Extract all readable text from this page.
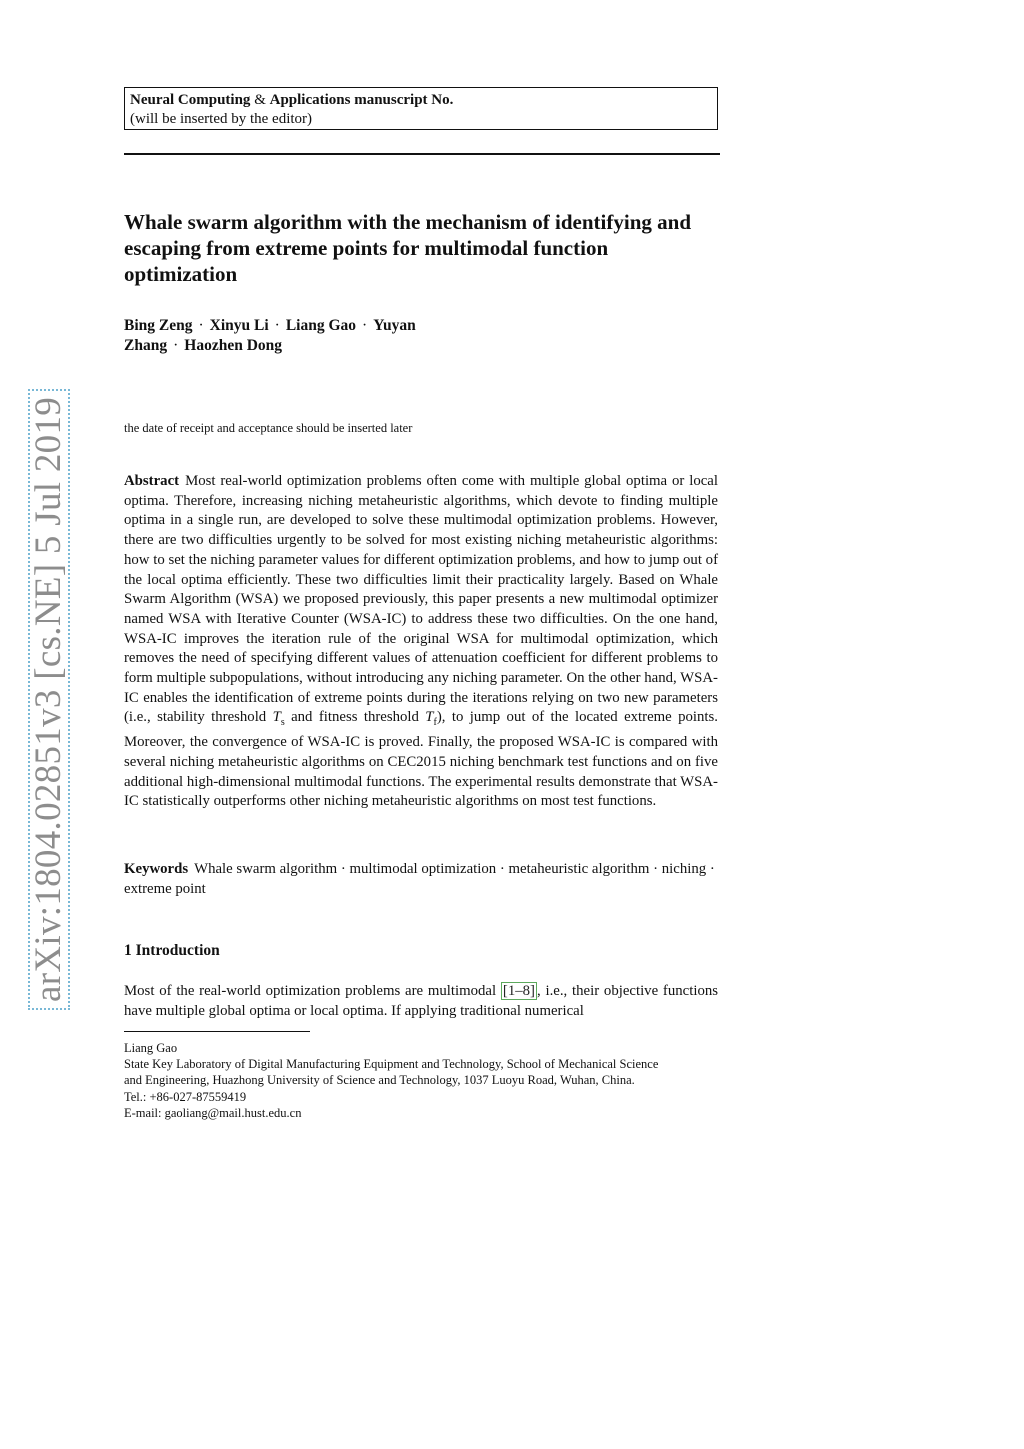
Neural Computing & Applications manuscript No.
(will be inserted by the editor)
Whale swarm algorithm with the mechanism of identifying and escaping from extreme points for multimodal function optimization
Bing Zeng · Xinyu Li · Liang Gao · Yuyan Zhang · Haozhen Dong
the date of receipt and acceptance should be inserted later
arXiv:1804.02851v3 [cs.NE] 5 Jul 2019	Abstract Most real-world optimization problems often come with multiple global optima or local optima. Therefore, increasing niching metaheuristic algorithms, which devote to finding multiple optima in a single run, are developed to solve these multimodal optimization problems. However, there are two difficulties urgently to be solved for most existing niching metaheuristic algorithms: how to set the niching parameter values for different optimization problems, and how to jump out of the local optima efficiently. These two difficulties limit their practicality largely. Based on Whale Swarm Algorithm (WSA) we proposed previously, this paper presents a new multimodal optimizer named WSA with Iterative Counter (WSA-IC) to address these two difficulties. On the one hand, WSA-IC improves the iteration rule of the original WSA for multimodal optimization, which removes the need of specifying different values of attenuation coefficient for different problems to form multiple subpopulations, without introducing any niching parameter. On the other hand, WSA-IC enables the identification of extreme points during the iterations relying on two new parameters (i.e., stability threshold $T_s$ and fitness threshold $T_f$), to jump out of the located extreme points. Moreover, the convergence of WSA-IC is proved. Finally, the proposed WSA-IC is compared with several niching metaheuristic algorithms on CEC2015 niching benchmark test functions and on five additional high-dimensional multimodal functions. The experimental results demonstrate that WSA-IC statistically outperforms other niching metaheuristic algorithms on most test functions.

Keywords Whale swarm algorithm · multimodal optimization · metaheuristic algorithm · niching · extreme point

1 Introduction

Most of the real-world optimization problems are multimodal [1–8] , i.e., their objective functions have multiple global optima or local optima. If applying traditional numerical

Liang Gao
State Key Laboratory of Digital Manufacturing Equipment and Technology, School of Mechanical Science
and Engineering, Huazhong University of Science and Technology, 1037 Luoyu Road, Wuhan, China.
Tel.: +86-027-87559419
E-mail: gaoliang@mail.hust.edu.cn
